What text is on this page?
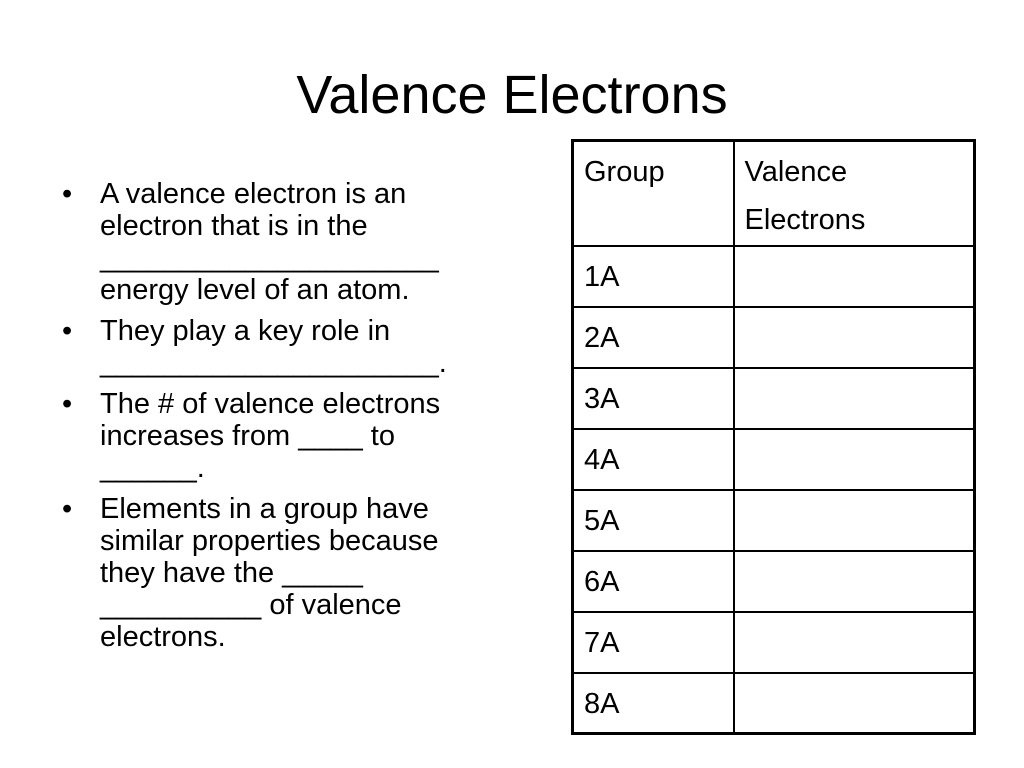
Valence Electrons
• A valence electron is an
electron that is in the
_____________________
energy level of an atom.
• They play a key role in
_____________________.
• The # of valence electrons
increases from ____ to
______.
• Elements in a group have
similar properties because
they have the _____
__________ of valence
electrons.
Group	Valence
Electrons

1A	
2A	
3A	
4A	
5A	
6A	
7A	
8A	
